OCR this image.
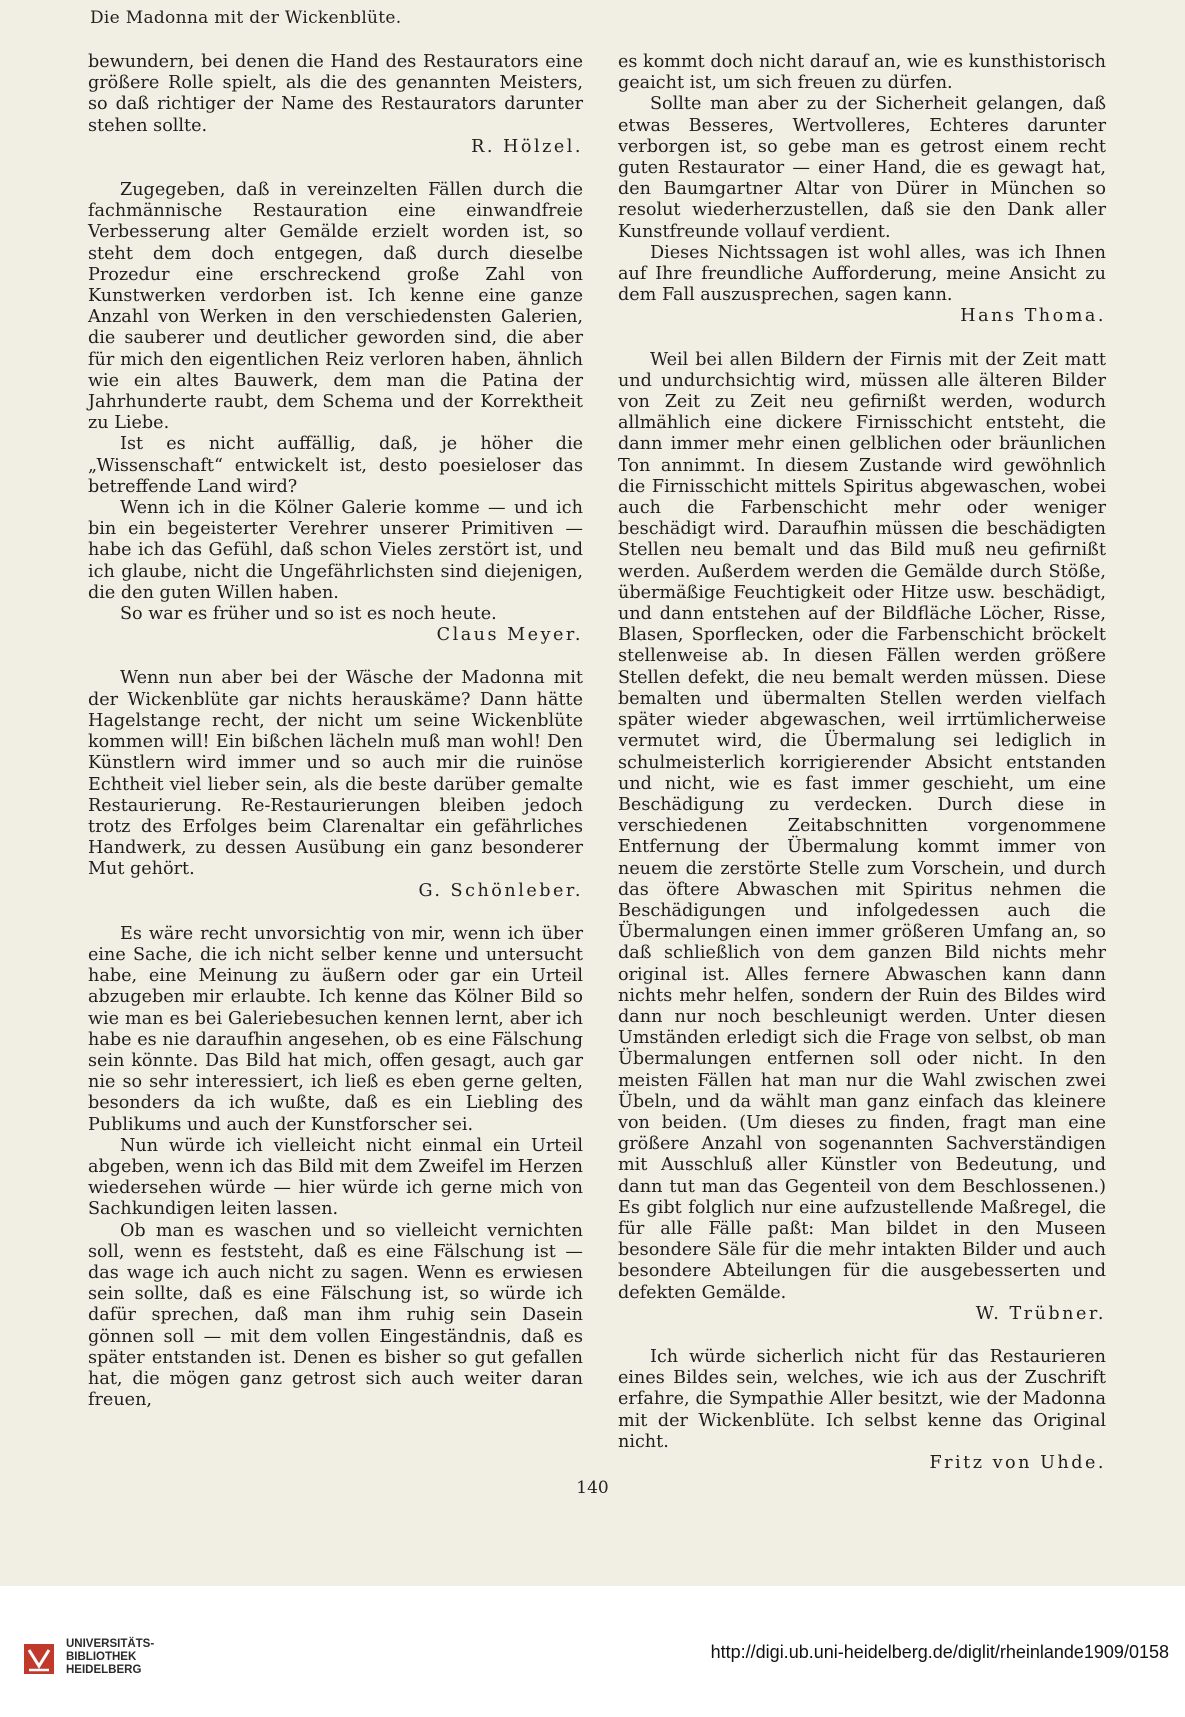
Die Madonna mit der Wickenblüte.

bewundern, bei denen die Hand des Restaurators eine größere Rolle spielt, als die des genannten Meisters, so daß richtiger der Name des Restaurators darunter stehen sollte.

R. Hölzel.

Zugegeben, daß in vereinzelten Fällen durch die fachmännische Restauration eine einwandfreie Verbesserung alter Gemälde erzielt worden ist, so steht dem doch entgegen, daß durch dieselbe Prozedur eine erschreckend große Zahl von Kunstwerken verdorben ist. Ich kenne eine ganze Anzahl von Werken in den verschiedensten Galerien, die sauberer und deutlicher geworden sind, die aber für mich den eigentlichen Reiz verloren haben, ähnlich wie ein altes Bauwerk, dem man die Patina der Jahrhunderte raubt, dem Schema und der Korrektheit zu Liebe.

Ist es nicht auffällig, daß, je höher die „Wissenschaft“ entwickelt ist, desto poesieloser das betreffende Land wird?

Wenn ich in die Kölner Galerie komme — und ich bin ein begeisterter Verehrer unserer Primitiven — habe ich das Gefühl, daß schon Vieles zerstört ist, und ich glaube, nicht die Ungefährlichsten sind diejenigen, die den guten Willen haben.

So war es früher und so ist es noch heute.

Claus Meyer.

Wenn nun aber bei der Wäsche der Madonna mit der Wickenblüte gar nichts herauskäme? Dann hätte Hagelstange recht, der nicht um seine Wickenblüte kommen will! Ein bißchen lächeln muß man wohl! Den Künstlern wird immer und so auch mir die ruinöse Echtheit viel lieber sein, als die beste darüber gemalte Restaurierung. Re-Restaurierungen bleiben jedoch trotz des Erfolges beim Clarenaltar ein gefährliches Handwerk, zu dessen Ausübung ein ganz besonderer Mut gehört.

G. Schönleber.

Es wäre recht unvorsichtig von mir, wenn ich über eine Sache, die ich nicht selber kenne und untersucht habe, eine Meinung zu äußern oder gar ein Urteil abzugeben mir erlaubte. Ich kenne das Kölner Bild so wie man es bei Galeriebesuchen kennen lernt, aber ich habe es nie daraufhin angesehen, ob es eine Fälschung sein könnte. Das Bild hat mich, offen gesagt, auch gar nie so sehr interessiert, ich ließ es eben gerne gelten, besonders da ich wußte, daß es ein Liebling des Publikums und auch der Kunstforscher sei.

Nun würde ich vielleicht nicht einmal ein Urteil abgeben, wenn ich das Bild mit dem Zweifel im Herzen wiedersehen würde — hier würde ich gerne mich von Sachkundigen leiten lassen.

Ob man es waschen und so vielleicht vernichten soll, wenn es feststeht, daß es eine Fälschung ist — das wage ich auch nicht zu sagen. Wenn es erwiesen sein sollte, daß es eine Fälschung ist, so würde ich dafür sprechen, daß man ihm ruhig sein Dasein gönnen soll — mit dem vollen Eingeständnis, daß es später entstanden ist. Denen es bisher so gut gefallen hat, die mögen ganz getrost sich auch weiter daran freuen,

es kommt doch nicht darauf an, wie es kunsthistorisch geaicht ist, um sich freuen zu dürfen.

Sollte man aber zu der Sicherheit gelangen, daß etwas Besseres, Wertvolleres, Echteres darunter verborgen ist, so gebe man es getrost einem recht guten Restaurator — einer Hand, die es gewagt hat, den Baumgartner Altar von Dürer in München so resolut wiederherzustellen, daß sie den Dank aller Kunstfreunde vollauf verdient.

Dieses Nichtssagen ist wohl alles, was ich Ihnen auf Ihre freundliche Aufforderung, meine Ansicht zu dem Fall auszusprechen, sagen kann.

Hans Thoma.

Weil bei allen Bildern der Firnis mit der Zeit matt und undurchsichtig wird, müssen alle älteren Bilder von Zeit zu Zeit neu gefirnißt werden, wodurch allmählich eine dickere Firnisschicht entsteht, die dann immer mehr einen gelblichen oder bräunlichen Ton annimmt. In diesem Zustande wird gewöhnlich die Firnisschicht mittels Spiritus abgewaschen, wobei auch die Farbenschicht mehr oder weniger beschädigt wird. Daraufhin müssen die beschädigten Stellen neu bemalt und das Bild muß neu gefirnißt werden. Außerdem werden die Gemälde durch Stöße, übermäßige Feuchtigkeit oder Hitze usw. beschädigt, und dann entstehen auf der Bildfläche Löcher, Risse, Blasen, Sporflecken, oder die Farbenschicht bröckelt stellenweise ab. In diesen Fällen werden größere Stellen defekt, die neu bemalt werden müssen. Diese bemalten und übermalten Stellen werden vielfach später wieder abgewaschen, weil irrtümlicherweise vermutet wird, die Übermalung sei lediglich in schulmeisterlich korrigierender Absicht entstanden und nicht, wie es fast immer geschieht, um eine Beschädigung zu verdecken. Durch diese in verschiedenen Zeitabschnitten vorgenommene Entfernung der Übermalung kommt immer von neuem die zerstörte Stelle zum Vorschein, und durch das öftere Abwaschen mit Spiritus nehmen die Beschädigungen und infolgedessen auch die Übermalungen einen immer größeren Umfang an, so daß schließlich von dem ganzen Bild nichts mehr original ist. Alles fernere Abwaschen kann dann nichts mehr helfen, sondern der Ruin des Bildes wird dann nur noch beschleunigt werden. Unter diesen Umständen erledigt sich die Frage von selbst, ob man Übermalungen entfernen soll oder nicht. In den meisten Fällen hat man nur die Wahl zwischen zwei Übeln, und da wählt man ganz einfach das kleinere von beiden. (Um dieses zu finden, fragt man eine größere Anzahl von sogenannten Sachverständigen mit Ausschluß aller Künstler von Bedeutung, und dann tut man das Gegenteil von dem Beschlossenen.) Es gibt folglich nur eine aufzustellende Maßregel, die für alle Fälle paßt: Man bildet in den Museen besondere Säle für die mehr intakten Bilder und auch besondere Abteilungen für die ausgebesserten und defekten Gemälde.

W. Trübner.

Ich würde sicherlich nicht für das Restaurieren eines Bildes sein, welches, wie ich aus der Zuschrift erfahre, die Sympathie Aller besitzt, wie der Madonna mit der Wickenblüte. Ich selbst kenne das Original nicht.

Fritz von Uhde.

140
UNIVERSITÄTS-
BIBLIOTHEK
HEIDELBERG
http://digi.ub.uni-heidelberg.de/diglit/rheinlande1909/0158
